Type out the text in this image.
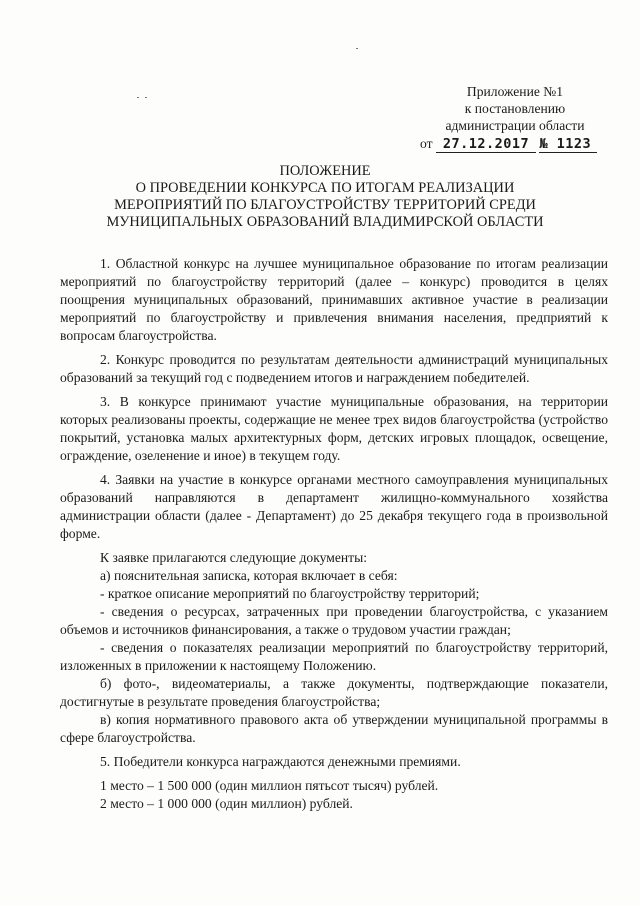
Приложение №1
к постановлению
администрации области
от 27.12.2017 № 1123
ПОЛОЖЕНИЕ
О ПРОВЕДЕНИИ КОНКУРСА ПО ИТОГАМ РЕАЛИЗАЦИИ
МЕРОПРИЯТИЙ ПО БЛАГОУСТРОЙСТВУ ТЕРРИТОРИЙ СРЕДИ
МУНИЦИПАЛЬНЫХ ОБРАЗОВАНИЙ ВЛАДИМИРСКОЙ ОБЛАСТИ

1. Областной конкурс на лучшее муниципальное образование по итогам реализации мероприятий по благоустройству территорий (далее – конкурс) проводится в целях поощрения муниципальных образований, принимавших активное участие в реализации мероприятий по благоустройству и привлечения внимания населения, предприятий к вопросам благоустройства.

2. Конкурс проводится по результатам деятельности администраций муниципальных образований за текущий год с подведением итогов и награждением победителей.

3. В конкурсе принимают участие муниципальные образования, на территории которых реализованы проекты, содержащие не менее трех видов благоустройства (устройство покрытий, установка малых архитектурных форм, детских игровых площадок, освещение, ограждение, озеленение и иное) в текущем году.

4. Заявки на участие в конкурсе органами местного самоуправления муниципальных образований направляются в департамент жилищно-коммунального хозяйства администрации области (далее - Департамент) до 25 декабря текущего года в произвольной форме.

К заявке прилагаются следующие документы:

а) пояснительная записка, которая включает в себя:

- краткое описание мероприятий по благоустройству территорий;

- сведения о ресурсах, затраченных при проведении благоустройства, с указанием объемов и источников финансирования, а также о трудовом участии граждан;

- сведения о показателях реализации мероприятий по благоустройству территорий, изложенных в приложении к настоящему Положению.

б) фото-, видеоматериалы, а также документы, подтверждающие показатели, достигнутые в результате проведения благоустройства;

в) копия нормативного правового акта об утверждении муниципальной программы в сфере благоустройства.

5. Победители конкурса награждаются денежными премиями.

1 место – 1 500 000 (один миллион пятьсот тысяч) рублей.

2 место – 1 000 000 (один миллион) рублей.
